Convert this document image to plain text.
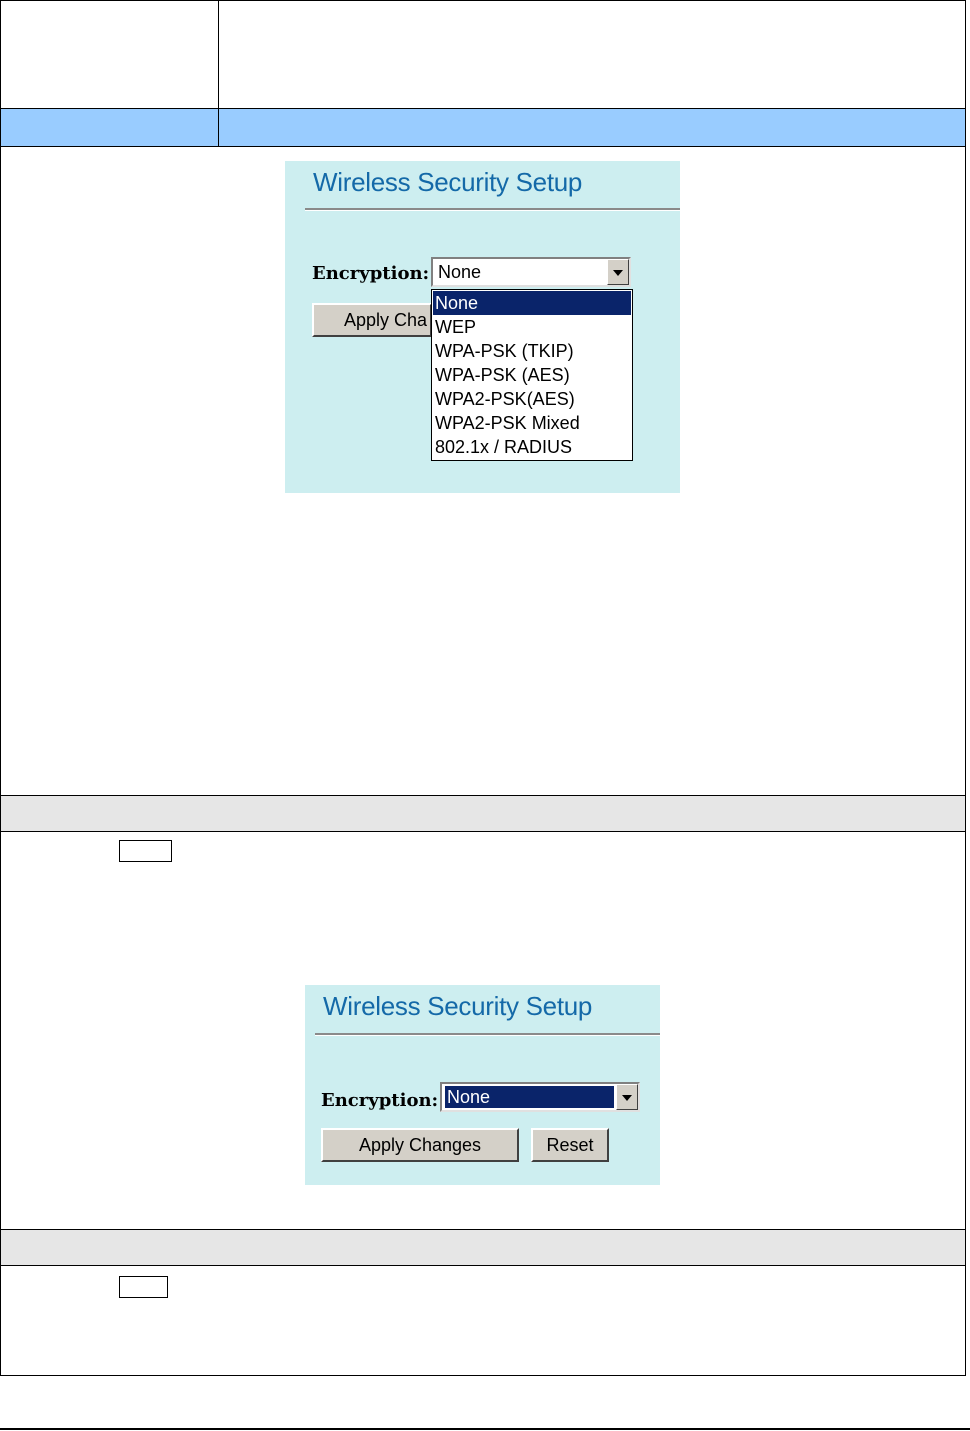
Wireless Security Setup
Encryption: None
Apply Cha
None
WEP
WPA-PSK (TKIP)
WPA-PSK (AES)
WPA2-PSK(AES)
WPA2-PSK Mixed
802.1x / RADIUS
Wireless Security Setup
Encryption: None
Apply Changes	Reset
